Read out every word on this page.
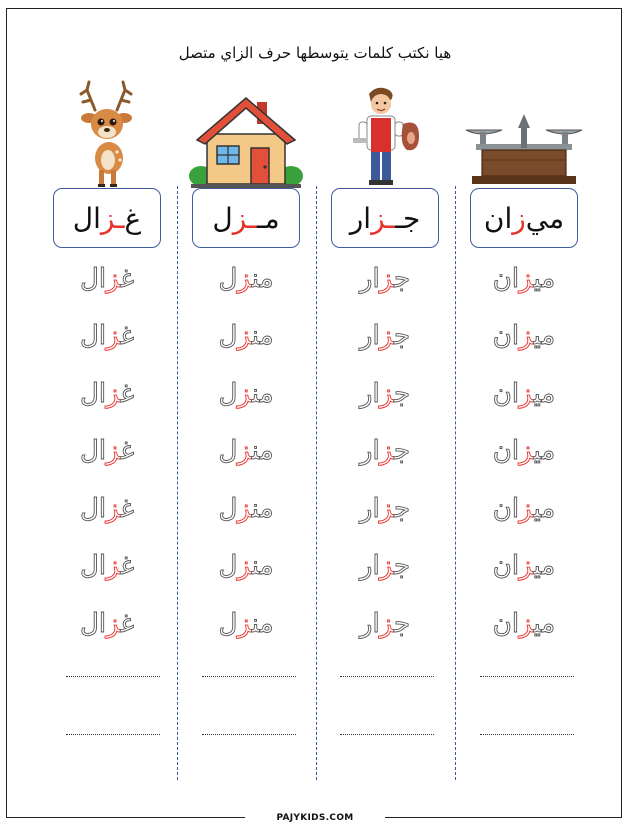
هيا نكتب كلمات يتوسطها حرف الزاي متصل
غ
ـز
ال
غزال
غزال
غزال
غزال
غزال
غزال
غزال
مـ
ـز
ل
منزل
منزل
منزل
منزل
منزل
منزل
منزل
جـ
ـز
ار
جزار
جزار
جزار
جزار
جزار
جزار
جزار
مي
ز
ان
ميزان
ميزان
ميزان
ميزان
ميزان
ميزان
ميزان
PAJYKIDS.COM
